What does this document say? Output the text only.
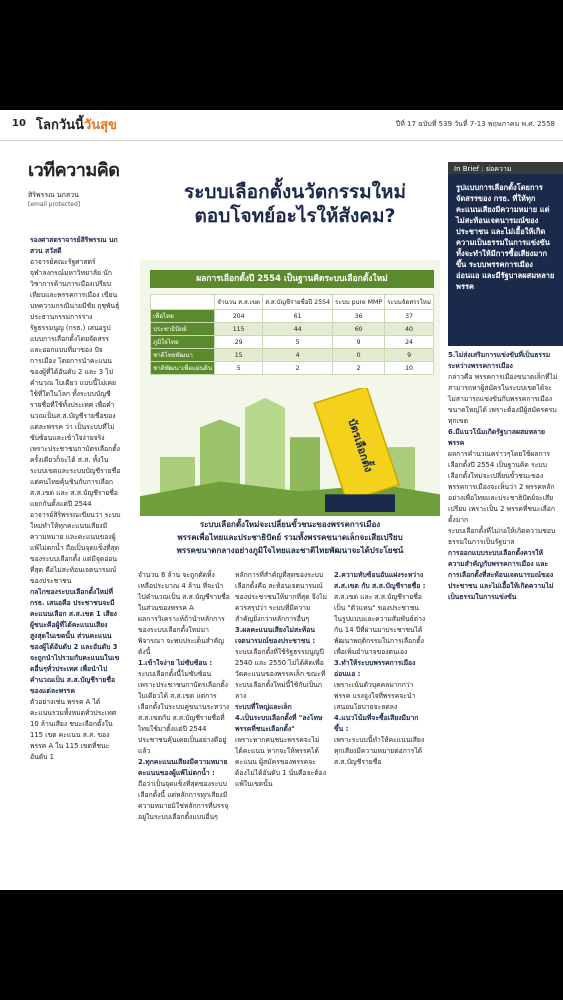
10 โลกวันนี้วันสุข	ปีที่ 17 ฉบับที่ 539 วันที่ 7-13 พฤษภาคม พ.ศ. 2558
เวทีความคิด
สิริพรรณ นกสวน
[email protected]
ระบบเลือกตั้งนวัตกรรมใหม่
ตอบโจทย์อะไรให้สังคม?
In Brief : ย่อความ
รูปแบบการเลือกตั้งโดยการจัดสรรของ กรธ. ที่ให้ทุกคะแนนเสียงมีความหมาย แต่ไม่สะท้อนเจตนารมณ์ของประชาชน และไม่เอื้อให้เกิดความเป็นธรรมในการแข่งขัน ทั้งจะทำให้มีการซื้อเสียงมากขึ้น ระบบพรรคการเมืองอ่อนแอ และมีรัฐบาลผสมหลายพรรค

รองศาสตราจารย์สิริพรรณ นกสวน สวัสดี

อาจารย์คณะรัฐศาสตร์ จุฬาลงกรณ์มหาวิทยาลัย นักวิชาการด้านการเมืองเปรียบเทียบและพรรคการเมือง เขียนบทความกรณีนายมีชัย ฤชุพันธุ์ ประธานกรรมการร่างรัฐธรรมนูญ (กรธ.) เสนอรูปแบบการเลือกตั้งโดยจัดสรร และออกแบบที่มาของ ปัจการเมือง โดยการนำคะแนนของผู้ที่ได้อันดับ 2 และ 3 ไปคำนวณ ใบเดียว แบบนี้ไม่เคยใช้ที่ใดในโลก ทั้งระบบบัญชีรายชื่อที่ใช้ทั้งประเทศ เพื่อคำนวณเป็นส.ส.บัญชีรายชื่อของแต่ละพรรค ว่า เป็นระบบที่ไม่ซับซ้อนและเข้าใจง่ายจริง เพราะประชาชนกาบัตรเลือกตั้งครั้งเดียวก็จะได้ ส.ส. ทั้งในระบบเขตและระบบบัญชีรายชื่อ แต่คนไทยคุ้นชินกับการเลือก ส.ส.เขต และ ส.ส.บัญชีรายชื่อแยกกันตั้งแต่ปี 2544

อาจารย์สิริพรรณเขียนว่า ระบบใหม่ทำให้ทุกคะแนนเสียงมีความหมาย และคะแนนของผู้แพ้ไม่ตกน้ำ ถือเป็นจุดแข็งที่สุดของระบบเลือกตั้ง แต่มีจุดอ่อนที่สุด คือไม่สะท้อนเจตนารมณ์ของประชาชน

กลไกของระบบเลือกตั้งใหม่ที่ กรธ. เสนอคือ ประชาชนจะมีคะแนนเลือก ส.ส.เขต 1 เสียง ผู้ชนะคือผู้ที่ได้คะแนนเสียงสูงสุดในเขตนั้น ส่วนคะแนนของผู้ได้อันดับ 2 และอันดับ 3 จะถูกนำไปรวมกับคะแนนในเขตอื่นๆทั่วประเทศ เพื่อนำไปคำนวณเป็น ส.ส.บัญชีรายชื่อของแต่ละพรรค

ตัวอย่างเช่น พรรค A ได้คะแนนรวมทั้งหมดทั่วประเทศ 10 ล้านเสียง ชนะเลือกตั้งใน 115 เขต คะแนน ส.ส. ของพรรค A ใน 115 เขตที่ชนะอันดับ 1

ผลการเลือกตั้งปี 2554 เป็นฐานคิดระบบเลือกตั้งใหม่
	จำนวน ส.ส.เขต	ส.ส.บัญชีรายชื่อปี 2554	ระบบ pure MMP	ระบบจัดสรรใหม่
เพื่อไทย	204	61	36	37
ประชาธิปัตย์	115	44	60	40
ภูมิใจไทย	29	5	9	24
ชาติไทยพัฒนา	15	4	0	9
ชาติพัฒนาเพื่อแผ่นดิน	5	2	2	10
บัตรเลือกตั้ง
ระบบเลือกตั้งใหม่จะเปลี่ยนขั้วชนะของพรรคการเมือง
พรรคเพื่อไทยและประชาธิปัตย์ รวมทั้งพรรคขนาดเล็กจะเสียเปรียบ
พรรคขนาดกลางอย่างภูมิใจไทยและชาติไทยพัฒนาจะได้ประโยชน์

จำนวน 6 ล้าน จะถูกตัดทิ้ง เหลือประมาณ 4 ล้าน ที่จะนำไปคำนวณเป็น ส.ส.บัญชีรายชื่อในส่วนของพรรค A

ผลการวิเคราะห์ถ้านำหลักการของระบบเลือกตั้งใหม่มาพิจารณา จะพบประเด็นสำคัญดังนี้

1.เข้าใจง่าย ไม่ซับซ้อน :

ระบบเลือกตั้งนี้ไม่ซับซ้อน เพราะประชาชนกาบัตรเลือกตั้งใบเดียวได้ ส.ส.เขต แต่การเลือกตั้งในระบบคู่ขนานระหว่าง ส.ส.เขตกับ ส.ส.บัญชีรายชื่อที่ไทยใช้มาตั้งแต่ปี 2544 ประชาชนคุ้นเคยเป็นอย่างดีอยู่แล้ว

2.ทุกคะแนนเสียงมีความหมาย คะแนนของผู้แพ้ไม่ตกน้ำ :

ถือว่าเป็นจุดแข็งที่สุดของระบบเลือกตั้งนี้ แต่หลักการทุกเสียงมีความหมายมิใช่หลักการที่บรรจุอยู่ในระบบเลือกตั้งแบบอื่นๆ

หลักการที่สำคัญที่สุดของระบบเลือกตั้งคือ สะท้อนเจตนารมณ์ของประชาชนให้มากที่สุด จึงไม่ควรสรุปว่า ระบบที่มีความสำคัญยิ่งกว่าหลักการอื่นๆ

3.ผลคะแนนเสียงไม่สะท้อนเจตนารมณ์ของประชาชน :

ระบบเลือกตั้งที่ใช้รัฐธรรมนูญปี 2540 และ 2550 ไม่ได้คิดเพื่อวัดคะแนนของพรรคเล็ก ขณะที่ระบบเลือกตั้งใหม่นี้ใช้กับเป็นกลาง

ระบบที่ใหญ่และเล็ก

4.เป็นระบบเลือกตั้งที่ "ลงโทษพรรคที่ชนะเลือกตั้ง"

เพราะหากคนชนะพรรคจะไม่ได้คะแนน หากจะให้พรรคได้คะแนน ผู้สมัครของพรรคจะต้องไม่ได้อันดับ 1 นั่นคือจะต้องแพ้ในเขตนั้น

2.ความทับซ้อนอันแฝงระหว่าง ส.ส.เขต กับ ส.ส.บัญชีรายชื่อ :

ส.ส.เขต และ ส.ส.บัญชีรายชื่อ เป็น "ตัวแทน" ของประชาชนในรูปแบบและความสัมพันธ์ต่างกัน 14 ปีที่ผ่านมาประชาชนได้พัฒนาพฤติกรรมในการเลือกตั้งเพื่อเพิ่มอำนาจของตนเอง

3.ทำให้ระบบพรรคการเมืองอ่อนแอ :

เพราะเน้นตัวบุคคลมากกว่าพรรค แรงจูงใจที่พรรคจะนำเสนอนโยบายจะลดลง

4.แนวโน้มที่จะซื้อเสียงมีมากขึ้น :

เพราะระบบนี้ทำให้คะแนนเสียงทุกเสียงมีความหมายต่อการได้ ส.ส.บัญชีรายชื่อ

5.ไม่ส่งเสริมการแข่งขันที่เป็นธรรมระหว่างพรรคการเมือง

กล่าวคือ พรรคการเมืองขนาดเล็กที่ไม่สามารถหาผู้สมัครในระบบเขตได้จะไม่สามารถแข่งขันกับพรรคการเมืองขนาดใหญ่ได้ เพราะต้องมีผู้สมัครครบทุกเขต

6.มีแนวโน้มเกิดรัฐบาลผสมหลายพรรค

ผลการคำนวณคร่าวๆโดยใช้ผลการเลือกตั้งปี 2554 เป็นฐานคิด ระบบเลือกตั้งใหม่จะเปลี่ยนขั้วชนะของพรรคการเมืองจะเห็นว่า 2 พรรคหลักอย่างเพื่อไทยและประชาธิปัตย์จะเสียเปรียบ เพราะเป็น 2 พรรคที่ชนะเลือกตั้งมาก

ระบบเลือกตั้งที่ไม่ก่อให้เกิดความชอบธรรมในการเป็นรัฐบาล

การออกแบบระบบเลือกตั้งควรให้ความสำคัญกับพรรคการเมือง และการเลือกตั้งที่สะท้อนเจตนารมณ์ของประชาชน และไม่เอื้อให้เกิดความไม่เป็นธรรมในการแข่งขัน
